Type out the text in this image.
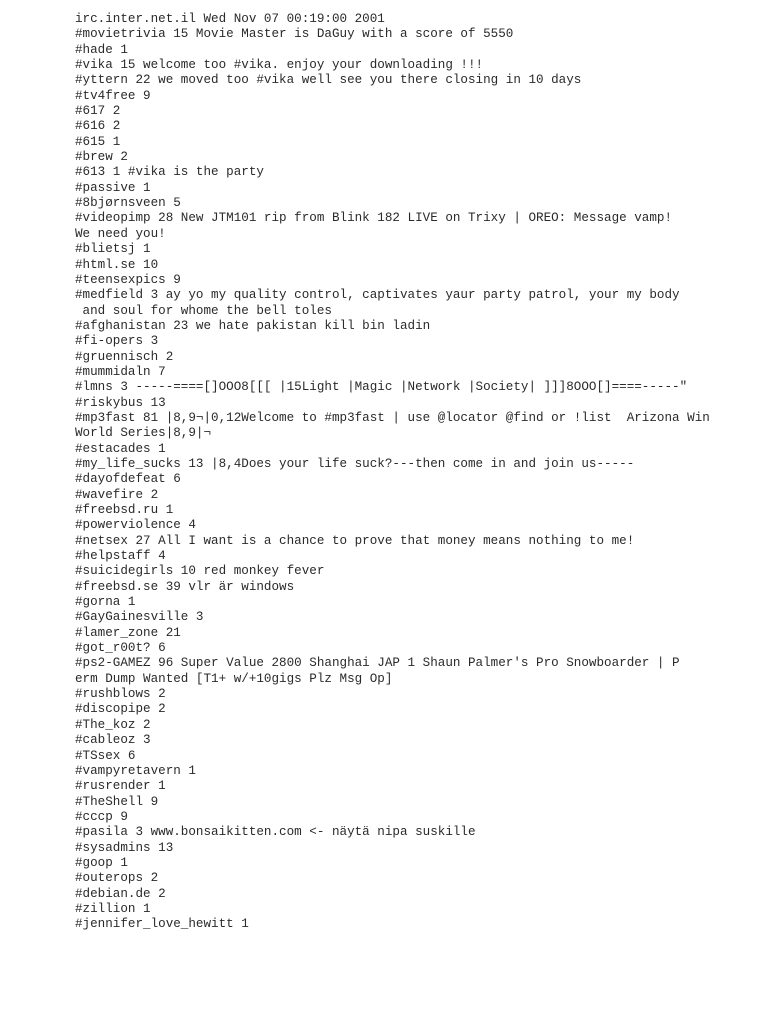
irc.inter.net.il Wed Nov 07 00:19:00 2001
#movietrivia 15 Movie Master is DaGuy with a score of 5550
#hade 1
#vika 15 welcome too #vika. enjoy your downloading !!!
#yttern 22 we moved too #vika well see you there closing in 10 days
#tv4free 9
#617 2
#616 2
#615 1
#brew 2
#613 1 #vika is the party
#passive 1
#8bjørnsveen 5
#videopimp 28 New JTM101 rip from Blink 182 LIVE on Trixy | OREO: Message vamp!
We need you!
#blietsj 1
#html.se 10
#teensexpics 9
#medfield 3 ay yo my quality control, captivates yaur party patrol, your my body
and soul for whome the bell toles
#afghanistan 23 we hate pakistan kill bin ladin
#fi-opers 3
#gruennisch 2
#mummidaln 7
#lmns 3 -----====[]OOO8[[[ |15Light |Magic |Network |Society| ]]]8OOO[]====-----"
#riskybus 13
#mp3fast 81 |8,9¬|0,12Welcome to #mp3fast | use @locator @find or !list  Arizona Win
World Series|8,9|¬
#estacades 1
#my_life_sucks 13 |8,4Does your life suck?---then come in and join us-----
#dayofdefeat 6
#wavefire 2
#freebsd.ru 1
#powerviolence 4
#netsex 27 All I want is a chance to prove that money means nothing to me!
#helpstaff 4
#suicidegirls 10 red monkey fever
#freebsd.se 39 vlr är windows
#gorna 1
#GayGainesville 3
#lamer_zone 21
#got_r00t? 6
#ps2-GAMEZ 96 Super Value 2800 Shanghai JAP 1 Shaun Palmer's Pro Snowboarder | P
erm Dump Wanted [T1+ w/+10gigs Plz Msg Op]
#rushblows 2
#discopipe 2
#The_koz 2
#cableoz 3
#TSsex 6
#vampyretavern 1
#rusrender 1
#TheShell 9
#cccp 9
#pasila 3 www.bonsaikitten.com <- näytä nipa suskille
#sysadmins 13
#goop 1
#outerops 2
#debian.de 2
#zillion 1
#jennifer_love_hewitt 1
